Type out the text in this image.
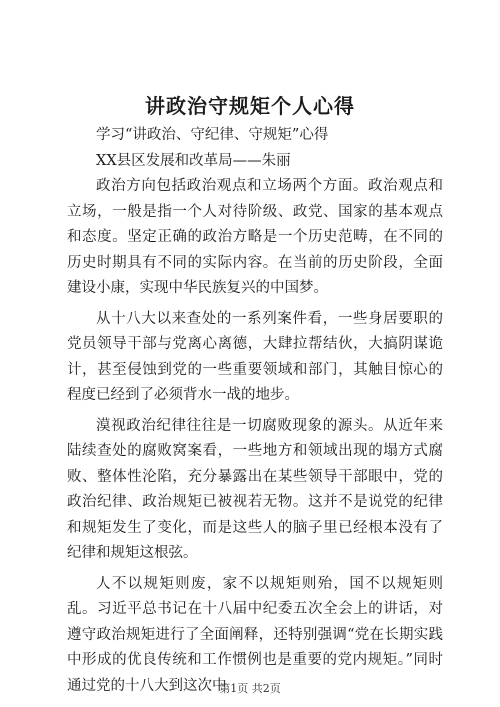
讲政治守规矩个人心得

学习“讲政治、守纪律、守规矩”心得

XX县区发展和改革局——朱丽

政治方向包括政治观点和立场两个方面。政治观点和立场，一般是指一个人对待阶级、政党、国家的基本观点和态度。坚定正确的政治方略是一个历史范畴，在不同的历史时期具有不同的实际内容。在当前的历史阶段，全面建设小康，实现中华民族复兴的中国梦。

从十八大以来查处的一系列案件看，一些身居要职的党员领导干部与党离心离德，大肆拉帮结伙，大搞阴谋诡计，甚至侵蚀到党的一些重要领域和部门，其触目惊心的程度已经到了必须背水一战的地步。

漠视政治纪律往往是一切腐败现象的源头。从近年来陆续查处的腐败窝案看，一些地方和领域出现的塌方式腐败、整体性沦陷，充分暴露出在某些领导干部眼中，党的政治纪律、政治规矩已被视若无物。这并不是说党的纪律和规矩发生了变化，而是这些人的脑子里已经根本没有了纪律和规矩这根弦。

人不以规矩则废，家不以规矩则殆，国不以规矩则乱。习近平总书记在十八届中纪委五次全会上的讲话，对遵守政治规矩进行了全面阐释，还特别强调“党在长期实践中形成的优良传统和工作惯例也是重要的党内规矩。”同时通过党的十八大到这次中

第1页 共2页
